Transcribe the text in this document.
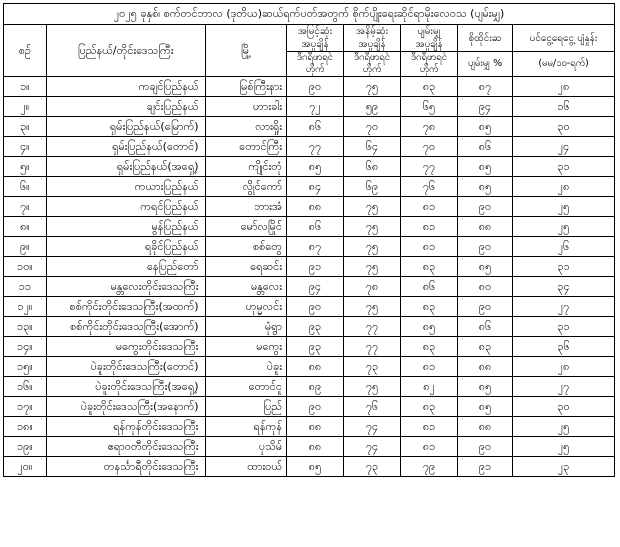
၂၀၂၅ ခုနှစ်၊ စက်တင်ဘာလ (ဒုတိယ)ဆယ်ရက်ပတ်အတွက် စိုက်ပျိုးရေးဆိုင်ရာမိုးလေဝသ (ပျမ်းမျှ)							
စဉ်	ပြည်နယ်/တိုင်းဒေသကြီး	မြို့	အမြင့်ဆုံး အပူချိန်	အနိမ့်ဆုံး အပူချိန်	ပျမ်းမျှ အပူချိန်	စိုထိုင်းဆ	ပင်ငွေ့ရေငွေ့ ပျံနှုန်း
			ဒီဂရီဖာရင် ဟိုက်	ဒီဂရီဖာရင် ဟိုက်	ဒီဂရီဖာရင် ဟိုက်	ပျမ်းမျှ %	(မမ/၁၀-ရက်)
၁။	ကချင်ပြည်နယ်	မြစ်ကြီးနား	၉၀	၇၅	၈၃	၈၇	၂၈
၂။	ချင်းပြည်နယ်	ဟားခါး	၇၂	၅၉	၆၅	၉၄	၁၆
၃။	ရှမ်းပြည်နယ်(မြောက်)	လားရှိုး	၈၆	၇၀	၇၈	၈၅	၃၀
၄။	ရှမ်းပြည်နယ်(တောင်)	တောင်ကြီး	၇၇	၆၄	၇၀	၈၆	၂၄
၅။	ရှမ်းပြည်နယ်(အရှေ့)	ကျိုင်းတုံ	၈၅	၆၈	၇၇	၈၅	၃၁
၆။	ကယားပြည်နယ်	လွိုင်ကော်	၈၄	၆၉	၇၆	၈၅	၂၈
၇။	ကရင်ပြည်နယ်	ဘားအံ	၈၈	၇၅	၈၁	၉၀	၂၅
၈။	မွန်ပြည်နယ်	မော်လမြိုင်	၈၆	၇၅	၈၁	၈၈	၂၅
၉။	ရခိုင်ပြည်နယ်	စစ်တွေ	၈၇	၇၅	၈၁	၉၀	၂၆
၁၀။	နေပြည်တော်	ရေဆင်း	၉၁	၇၅	၈၃	၈၅	၃၁
၁၁	မန္တလေးတိုင်းဒေသကြီး	မန္တလေး	၉၄	၇၈	၈၆	၈၀	၃၄
၁၂။	စစ်ကိုင်းတိုင်းဒေသကြီး(အထက်)	ဟုမ္မလင်း	၉၀	၇၅	၈၃	၉၀	၂၇
၁၃။	စစ်ကိုင်းတိုင်းဒေသကြီး(အောက်)	မုံရွာ	၉၃	၇၇	၈၅	၈၆	၃၁
၁၄။	မကွေးတိုင်းဒေသကြီး	မကွေး	၉၃	၇၇	၈၃	၈၃	၃၆
၁၅။	ပဲခူးတိုင်းဒေသကြီး(တောင်)	ပဲခူး	၈၈	၇၃	၈၁	၈၈	၂၈
၁၆။	ပဲခူးတိုင်းဒေသကြီး(အရှေ့)	တောင်ငူ	၈၉	၇၅	၈၂	၈၅	၂၇
၁၇။	ပဲခူးတိုင်းဒေသကြီး(အနောက်)	ပြည်	၉၀	၇၆	၈၃	၈၅	၃၀
၁၈။	ရန်ကုန်တိုင်းဒေသကြီး	ရန်ကုန်	၈၈	၇၄	၈၁	၈၈	၂၅
၁၉။	ဧရာဝတီတိုင်းဒေသကြီး	ပုသိမ်	၈၈	၇၄	၈၁	၉၀	၂၅
၂၀။	တနင်္သာရီတိုင်းဒေသကြီး	ထားဝယ်	၈၅	၇၃	၇၉	၉၁	၂၃
